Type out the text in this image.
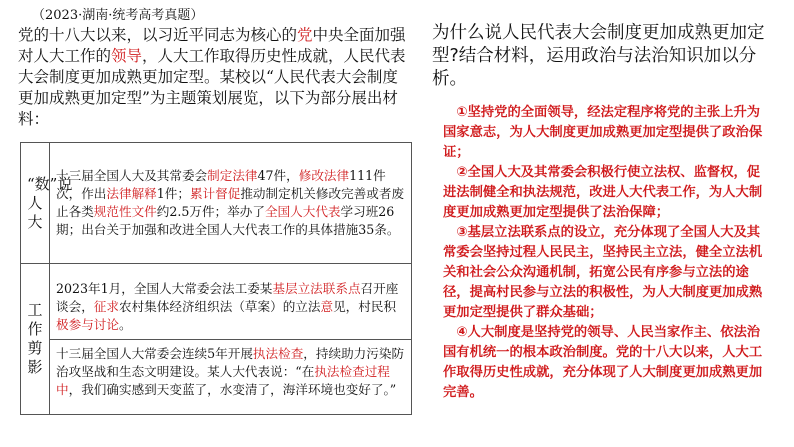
（2023·湖南·统考高考真题）
党的十八大以来，以习近平同志为核心的党中央全面加强对人大工作的领导，人大工作取得历史性成就，人民代表大会制度更加成熟更加定型。某校以“人民代表大会制度更加成熟更加定型”为主题策划展览，以下为部分展出材料：
“数”说人大	十三届全国人大及其常委会制定法律47件，修改法律111件次，作出法律解释1件；累计督促推动制定机关修改完善或者废止各类规范性文件约2.5万件；举办了全国人大代表学习班26期；出台关于加强和改进全国人大代表工作的具体措施35条。

工作剪影	2023年1月，全国人大常委会法工委某基层立法联系点召开座谈会，征求农村集体经济组织法（草案）的立法意见，村民积极参与讨论。

十三届全国人大常委会连续5年开展执法检查，持续助力污染防治攻坚战和生态文明建设。某人大代表说：“在执法检查过程中，我们确实感到天变蓝了，水变清了，海洋环境也变好了。”

为什么说人民代表大会制度更加成熟更加定型?结合材料，运用政治与法治知识加以分析。

①坚持党的全面领导，经法定程序将党的主张上升为国家意志，为人大制度更加成熟更加定型提供了政治保证；

②全国人大及其常委会积极行使立法权、监督权，促进法制健全和执法规范，改进人大代表工作，为人大制度更加成熟更加定型提供了法治保障；

③基层立法联系点的设立，充分体现了全国人大及其常委会坚持过程人民民主，坚持民主立法，健全立法机关和社会公众沟通机制，拓宽公民有序参与立法的途径，提高村民参与立法的积极性，为人大制度更加成熟更加定型提供了群众基础；

④人大制度是坚持党的领导、人民当家作主、依法治国有机统一的根本政治制度。党的十八大以来，人大工作取得历史性成就，充分体现了人大制度更加成熟更加完善。
